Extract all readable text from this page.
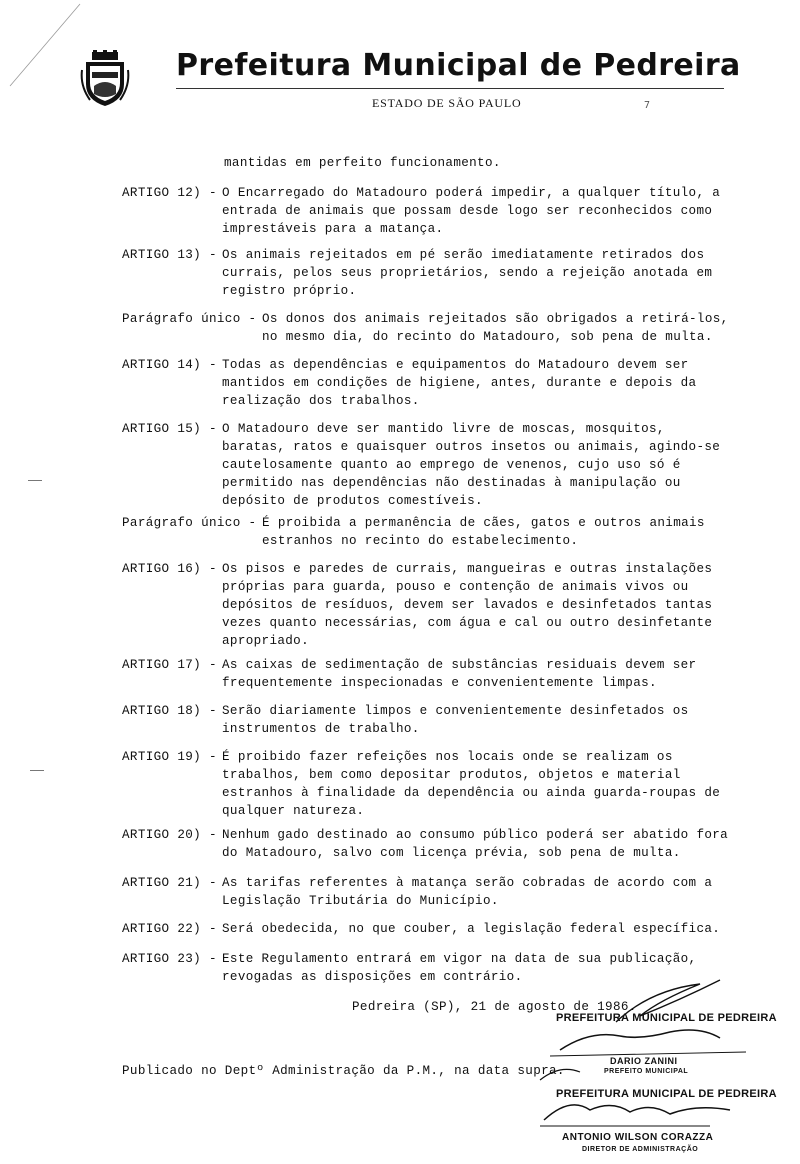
Prefeitura Municipal de Pedreira
ESTADO DE SÃO PAULO	7
mantidas em perfeito funcionamento.
ARTIGO 12) - O Encarregado do Matadouro poderá impedir, a qualquer título, a entrada de animais que possam desde logo ser reconhecidos como imprestáveis para a matança.
ARTIGO 13) - Os animais rejeitados em pé serão imediatamente retirados dos currais, pelos seus proprietários, sendo a rejeição anotada em registro próprio.
Parágrafo único - Os donos dos animais rejeitados são obrigados a retirá-los, no mesmo dia, do recinto do Matadouro, sob pena de multa.
ARTIGO 14) - Todas as dependências e equipamentos do Matadouro devem ser mantidos em condições de higiene, antes, durante e depois da realização dos trabalhos.
ARTIGO 15) - O Matadouro deve ser mantido livre de moscas, mosquitos, baratas, ratos e quaisquer outros insetos ou animais, agindo-se cautelosamente quanto ao emprego de venenos, cujo uso só é permitido nas dependências não destinadas à manipulação ou depósito de produtos comestíveis.
Parágrafo único - É proibida a permanência de cães, gatos e outros animais estranhos no recinto do estabelecimento.
ARTIGO 16) - Os pisos e paredes de currais, mangueiras e outras instalações próprias para guarda, pouso e contenção de animais vivos ou depósitos de resíduos, devem ser lavados e desinfetados tantas vezes quanto necessárias, com água e cal ou outro desinfetante apropriado.
ARTIGO 17) - As caixas de sedimentação de substâncias residuais devem ser frequentemente inspecionadas e convenientemente limpas.
ARTIGO 18) - Serão diariamente limpos e convenientemente desinfetados os instrumentos de trabalho.
ARTIGO 19) - É proibido fazer refeições nos locais onde se realizam os trabalhos, bem como depositar produtos, objetos e material estranhos à finalidade da dependência ou ainda guarda-roupas de qualquer natureza.
ARTIGO 20) - Nenhum gado destinado ao consumo público poderá ser abatido fora do Matadouro, salvo com licença prévia, sob pena de multa.
ARTIGO 21) - As tarifas referentes à matança serão cobradas de acordo com a Legislação Tributária do Município.
ARTIGO 22) - Será obedecida, no que couber, a legislação federal específica.
ARTIGO 23) - Este Regulamento entrará em vigor na data de sua publicação, revogadas as disposições em contrário.
Pedreira (SP), 21 de agosto de 1986.
Publicado no Deptº Administração da P.M., na data supra.
PREFEITURA MUNICIPAL DE PEDREIRA
DARIO ZANINI
PREFEITO MUNICIPAL
PREFEITURA MUNICIPAL DE PEDREIRA
ANTONIO WILSON CORAZZA
DIRETOR DE ADMINISTRAÇÃO
